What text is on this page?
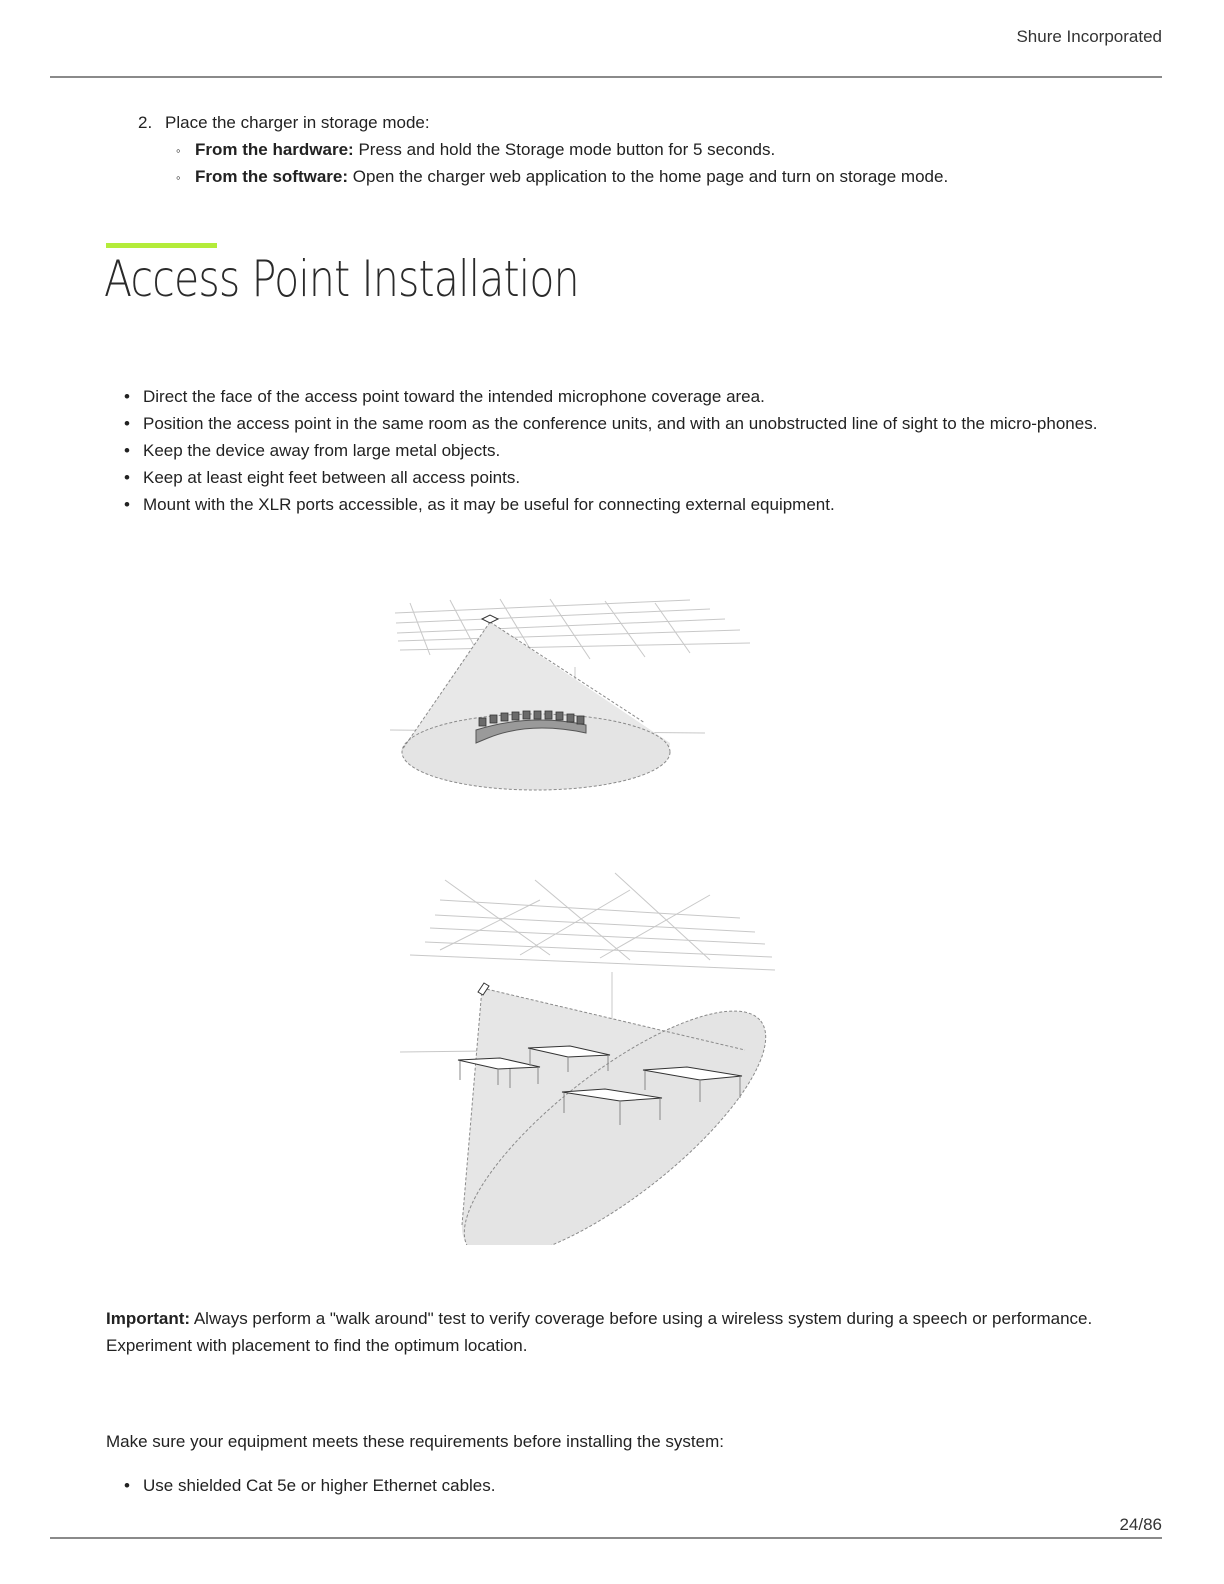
Shure Incorporated
2. Place the charger in storage mode:
◦ From the hardware: Press and hold the Storage mode button for 5 seconds.
◦ From the software: Open the charger web application to the home page and turn on storage mode.
Access Point Installation
• Direct the face of the access point toward the intended microphone coverage area.
• Position the access point in the same room as the conference units, and with an unobstructed line of sight to the micro-phones.
• Keep the device away from large metal objects.
• Keep at least eight feet between all access points.
• Mount with the XLR ports accessible, as it may be useful for connecting external equipment.
Important: Always perform a "walk around" test to verify coverage before using a wireless system during a speech or performance. Experiment with placement to find the optimum location.
Make sure your equipment meets these requirements before installing the system:
• Use shielded Cat 5e or higher Ethernet cables.
24/86
